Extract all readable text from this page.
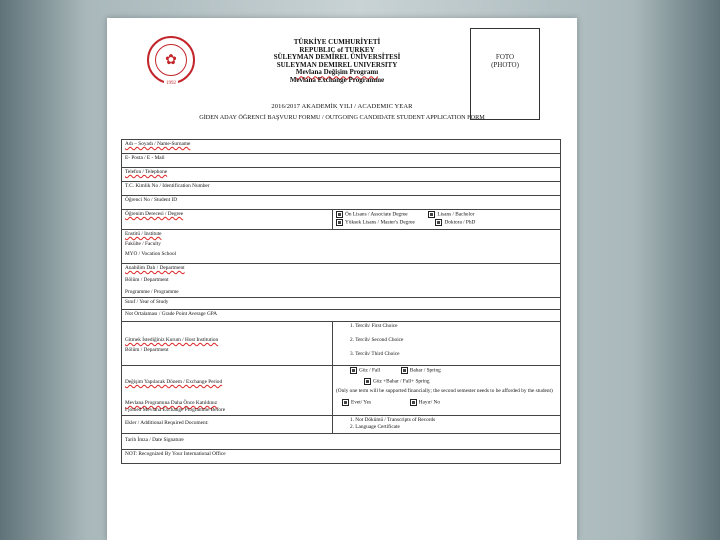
✿
1992
TÜRKİYE CUMHURİYETİ
REPUBLIC of TURKEY
SÜLEYMAN DEMİREL ÜNİVERSİTESİ
SULEYMAN DEMIREL UNIVERSITY
Mevlana Değişim Programı
Mevlana Exchange Programme
FOTO
(PHOTO)
2016/2017 AKADEMİK YILI / ACADEMIC YEAR
GİDEN ADAY ÖĞRENCİ BAŞVURU FORMU / OUTGOING CANDIDATE STUDENT APPLICATION FORM
Adı – Soyadı / Name-Surname	
E- Posta / E - Mail	
Telefon / Telephone	
T.C. Kimlik No / Identification Number	
Öğrenci No / Student ID	
Öğrenim Derecesi / Degree	Ön Lisans / Associate Degree Lisans / Bachelor
Yüksek Lisans / Master's Degree Doktora / PhD

Enstitü / Institute
Fakülte / Faculty
MYO / Vocation School	

Anabilim Dalı / Department
Bölüm / Department
Programme / Programme	

Sınıf / Year of Study	
Not Ortalaması / Grade Point Average GPA	

Gitmek İstediğiniz Kurum / Host Institution
Bölüm / Department	1. Tercih/ First Choice
2. Tercih/ Second Choice
3. Tercih/ Third Choice

Değişim Yapılacak Dönem / Exchange Period
Mevlana Programına Daha Önce Katıldınız
I joined Mevlana Exchange Programme Before	Güz / Fall Bahar / Spring
Güz +Bahar / Fall+ Spring
(Only one term will be supported financially; the second semester needs to be afforded by the student)
Evet/ Yes Hayır/ No

Ekler / Additional Required Document:	1. Not Dökümü / Transcripts of Records
2. Language Certificate

Tarih İmza / Date Signature	

NOT: Recognized By Your International Office	
